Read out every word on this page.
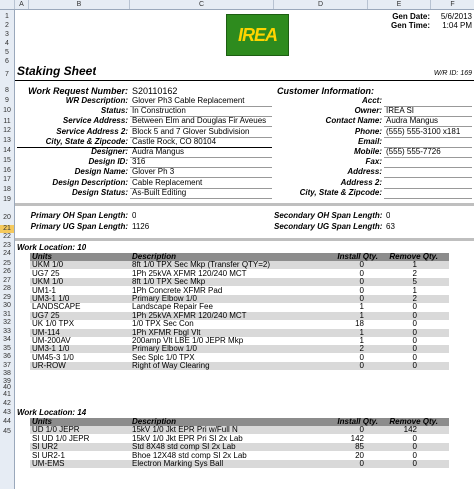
A	B	C	D	E	F
1
2
3
4
5
6
7
8
9
10
11
12
13
14
15
16
17
18
19
20
21
22
23
24
25
26
27
28
29
30
31
32
33
34
35
36
37
38
39
40
41
42
43
44
45
IREA
Gen Date:	5/6/2013
Gen Time:	1:04 PM
Staking Sheet	W/R ID: 169
Work Request Number: S20110162	Customer Information:
WR Description: Glover Ph3 Cable Replacement
Status: In Construction
Service Address: Between Elm and Douglas Fir Aveues
Service Address 2: Block 5 and 7 Glover Subdivision
City, State & Zipcode: Castle Rock, CO 80104
Designer: Audra Mangus
Design ID: 316
Design Name: Glover Ph 3
Design Description: Cable Replacement
Design Status: As-Built Editing
Acct:
Owner: IREA SI
Contact Name: Audra Mangus
Phone: (555) 555-3100 x181
Email:
Mobile: (555) 555-7726
Fax:
Address:
Address 2:
City, State & Zipcode:
Primary OH Span Length: 0	Secondary OH Span Length: 0
Primary UG Span Length: 1126	Secondary UG Span Length: 63
Work Location: 10
Units	Description	Install Qty.	Remove Qty.
UKM 1/0	8ft 1/0 TPX Sec Mkp (Transfer QTY=2)	0	1
UG7 25	1Ph 25kVA XFMR 120/240 MCT	0	2
UKM 1/0	8ft 1/0 TPX Sec Mkp	0	5
UM1-1	1Ph Concrete XFMR Pad	0	1
UM3-1 1/0	Primary Elbow 1/0	0	2
LANDSCAPE	Landscape Repair Fee	1	0
UG7 25	1Ph 25kVA XFMR 120/240 MCT	1	0
UK 1/0 TPX	1/0 TPX Sec Con	18	0
UM-114	1Ph XFMR Fbgl Vlt	1	0
UM-200AV	200amp Vlt LBE 1/0 JEPR Mkp	1	0
UM3-1 1/0	Primary Elbow 1/0	2	0
UM45-3 1/0	Sec Splc 1/0 TPX	0	0
UR-ROW	Right of Way Clearing	0	0
Work Location: 14
Units	Description	Install Qty.	Remove Qty.
UD 1/0 JEPR	15kV 1/0 Jkt EPR Pri w/Full N	0	142
SI UD 1/0 JEPR	15kV 1/0 Jkt EPR Pri SI 2x Lab	142	0
SI UR2	Std 8X48 std comp SI 2x Lab	85	0
SI UR2-1	Bhoe 12X48 std comp SI 2x Lab	20	0
UM-EMS	Electron Marking Sys Ball	0	0
